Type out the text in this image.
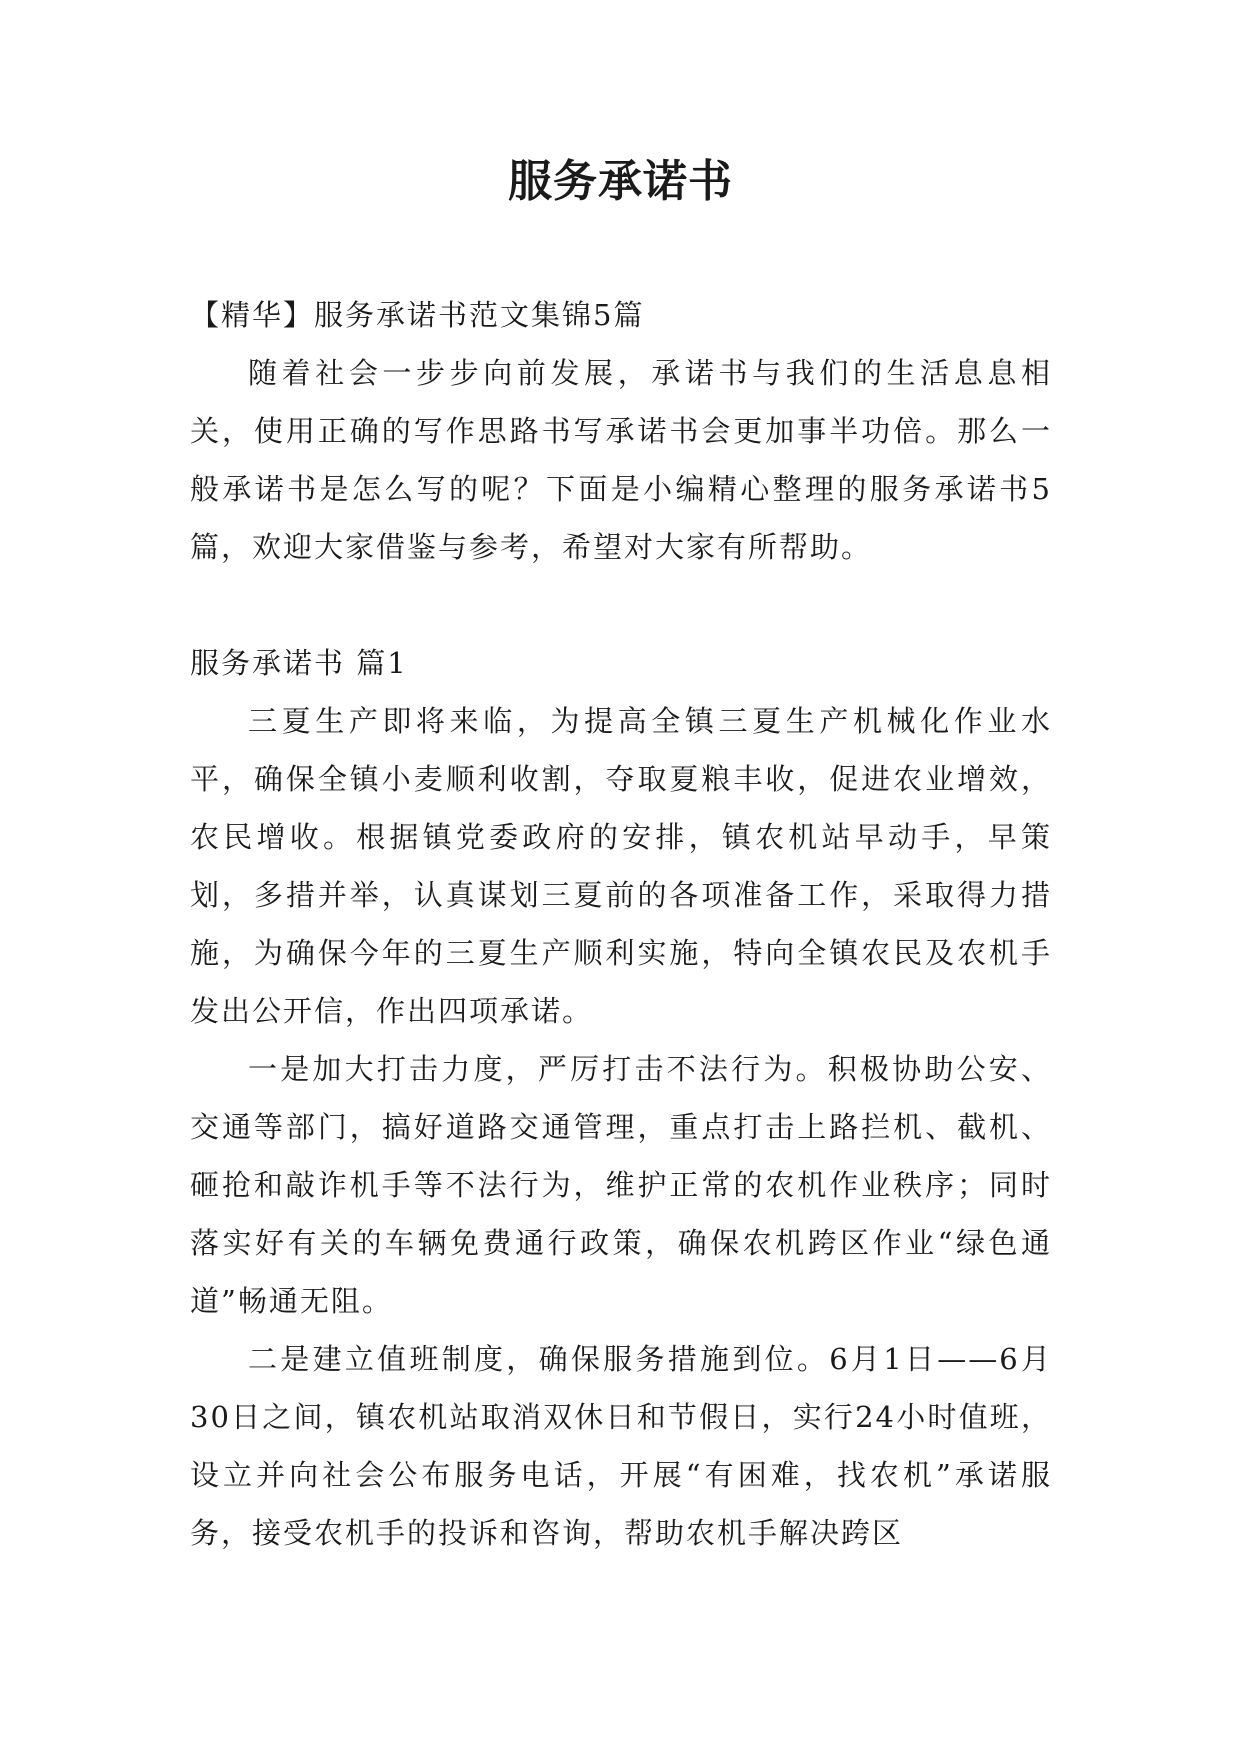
服务承诺书

【精华】服务承诺书范文集锦5篇

随着社会一步步向前发展，承诺书与我们的生活息息相关，使用正确的写作思路书写承诺书会更加事半功倍。那么一般承诺书是怎么写的呢？下面是小编精心整理的服务承诺书5篇，欢迎大家借鉴与参考，希望对大家有所帮助。

服务承诺书 篇1

三夏生产即将来临，为提高全镇三夏生产机械化作业水平，确保全镇小麦顺利收割，夺取夏粮丰收，促进农业增效，农民增收。根据镇党委政府的安排，镇农机站早动手，早策划，多措并举，认真谋划三夏前的各项准备工作，采取得力措施，为确保今年的三夏生产顺利实施，特向全镇农民及农机手发出公开信，作出四项承诺。

一是加大打击力度，严厉打击不法行为。积极协助公安、交通等部门，搞好道路交通管理，重点打击上路拦机、截机、砸抢和敲诈机手等不法行为，维护正常的农机作业秩序；同时落实好有关的车辆免费通行政策，确保农机跨区作业“绿色通道”畅通无阻。

二是建立值班制度，确保服务措施到位。6月1日——6月30日之间，镇农机站取消双休日和节假日，实行24小时值班，设立并向社会公布服务电话，开展“有困难，找农机”承诺服务，接受农机手的投诉和咨询，帮助农机手解决跨区
